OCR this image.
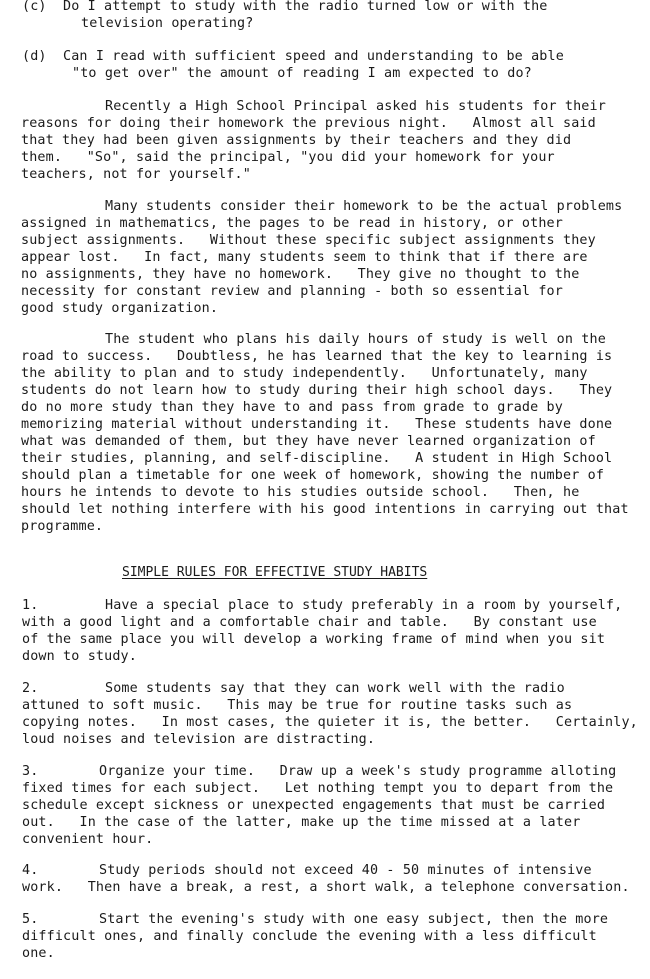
(c) Do I attempt to study with the radio turned low or with the
television operating?
(d) Can I read with sufficient speed and understanding to be able
"to get over" the amount of reading I am expected to do?
Recently a High School Principal asked his students for their
reasons for doing their homework the previous night.   Almost all said
that they had been given assignments by their teachers and they did
them.   "So", said the principal, "you did your homework for your
teachers, not for yourself."
Many students consider their homework to be the actual problems
assigned in mathematics, the pages to be read in history, or other
subject assignments.   Without these specific subject assignments they
appear lost.   In fact, many students seem to think that if there are
no assignments, they have no homework.   They give no thought to the
necessity for constant review and planning - both so essential for
good study organization.
The student who plans his daily hours of study is well on the
road to success.   Doubtless, he has learned that the key to learning is
the ability to plan and to study independently.   Unfortunately, many
students do not learn how to study during their high school days.   They
do no more study than they have to and pass from grade to grade by
memorizing material without understanding it.   These students have done
what was demanded of them, but they have never learned organization of
their studies, planning, and self-discipline.   A student in High School
should plan a timetable for one week of homework, showing the number of
hours he intends to devote to his studies outside school.   Then, he
should let nothing interfere with his good intentions in carrying out that
programme.
SIMPLE RULES FOR EFFECTIVE STUDY HABITS
1.	Have a special place to study preferably in a room by yourself,
with a good light and a comfortable chair and table.   By constant use
of the same place you will develop a working frame of mind when you sit
down to study.
2.	Some students say that they can work well with the radio
attuned to soft music.   This may be true for routine tasks such as
copying notes.   In most cases, the quieter it is, the better.   Certainly,
loud noises and television are distracting.
3.	Organize your time.   Draw up a week's study programme alloting
fixed times for each subject.   Let nothing tempt you to depart from the
schedule except sickness or unexpected engagements that must be carried
out.   In the case of the latter, make up the time missed at a later
convenient hour.
4.	Study periods should not exceed 40 - 50 minutes of intensive
work.   Then have a break, a rest, a short walk, a telephone conversation.
5.	Start the evening's study with one easy subject, then the more
difficult ones, and finally conclude the evening with a less difficult
one.
